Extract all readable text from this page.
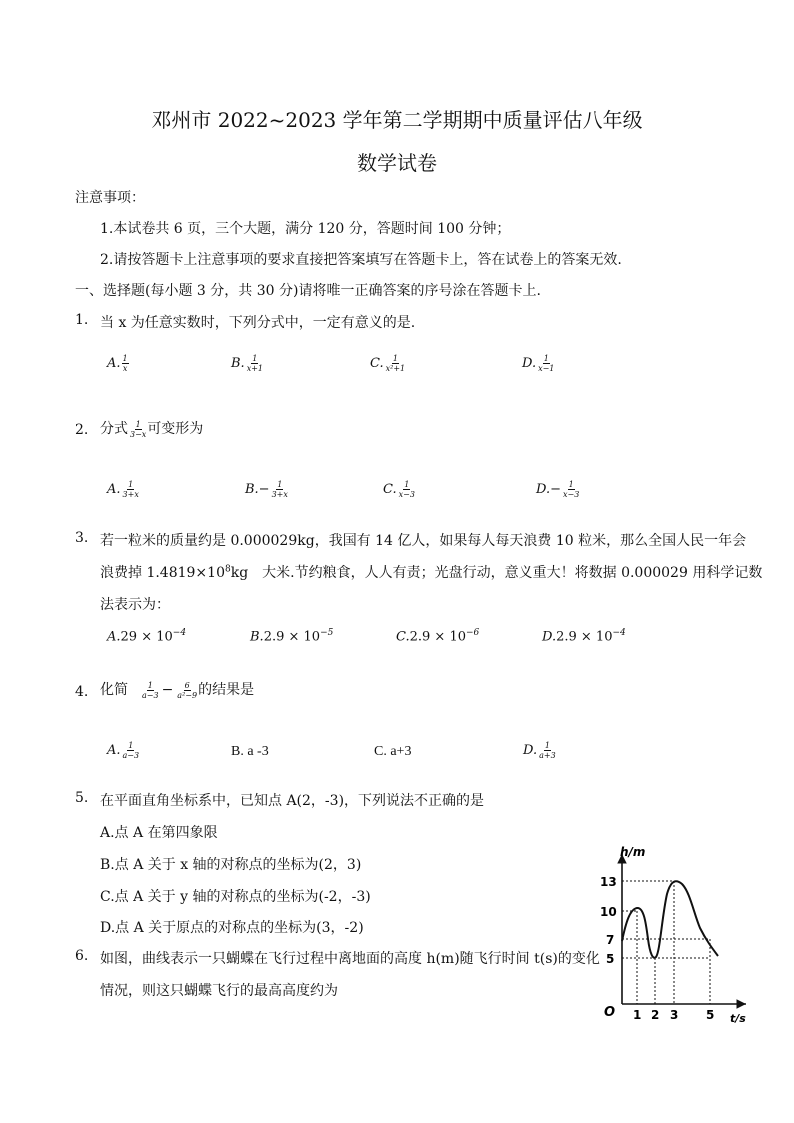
邓州市 2022~2023 学年第二学期期中质量评估八年级
数学试卷
注意事项：
1.本试卷共 6 页，三个大题，满分 120 分，答题时间 100 分钟；
2.请按答题卡上注意事项的要求直接把答案填写在答题卡上，答在试卷上的答案无效.
一、选择题(每小题 3 分，共 30 分)请将唯一正确答案的序号涂在答题卡上.
1. 当 x 为任意实数时，下列分式中，一定有意义的是.
A. $\frac{1}{x}$	B. $\frac{1}{x+1}$	C. $\frac{1}{\text{x²+1}}$	D. $\frac{1}{x-1}$
2. 分式 $\frac{1}{3-x}$ 可变形为
A. $\frac{1}{3+x}$	$B.- \frac{1}{3+x}$	C. $\frac{1}{x-3}$	$D.- \frac{1}{x-3}$
3. 若一粒米的质量约是 0.000029kg，我国有 14 亿人，如果每人每天浪费 10 粒米，那么全国人民一年会
浪费掉 $1.4819\times 10^8kg$　大米.节约粮食，人人有责；光盘行动，意义重大！将数据 0.000029 用科学记数
法表示为：
$A.29 \times 10^{-4}$	$B.2.9 \times 10^{-5}$	$C.2.9 \times 10^{-6}$	$D.2.9 \times 10^{-4}$
4. 化简 $\frac{1}{a-3} - \frac{6}{\text{a²−9}}$ 的结果是
A. $\frac{1}{a-3}$	B. a -3	C. a+3	D. $\frac{1}{a+3}$
5. 在平面直角坐标系中，已知点 A(2，-3)，下列说法不正确的是
A.点 A 在第四象限
B.点 A 关于 x 轴的对称点的坐标为(2，3)
C.点 A 关于 y 轴的对称点的坐标为(-2，-3)
D.点 A 关于原点的对称点的坐标为(3，-2)
6. 如图，曲线表示一只蝴蝶在飞行过程中离地面的高度 h(m)随飞行时间 t(s)的变化
情况，则这只蝴蝶飞行的最高高度约为
h/m
t/s
O
13
10
7
5
1 2 3 5
